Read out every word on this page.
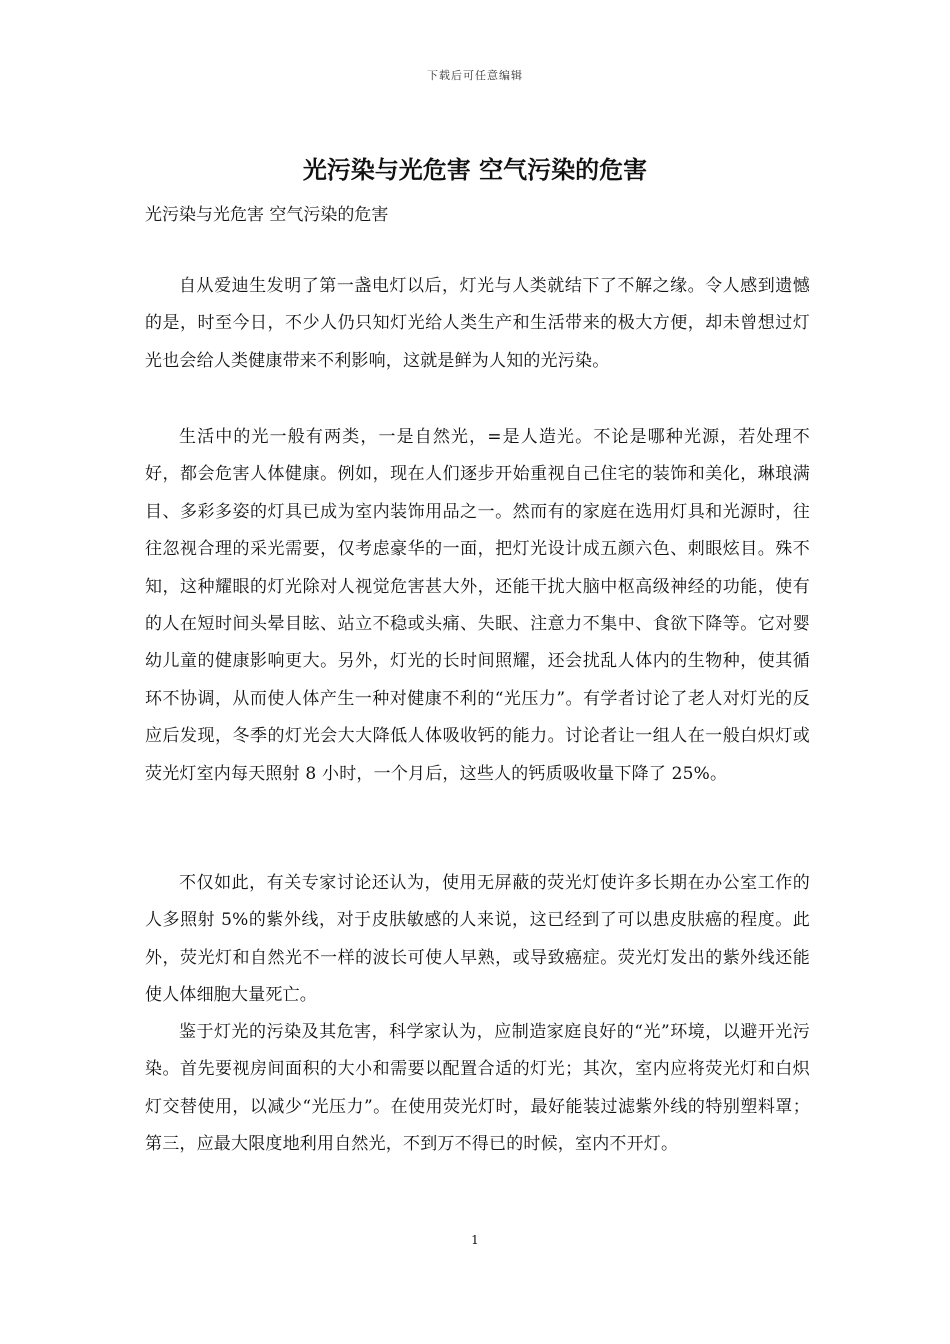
下载后可任意编辑
光污染与光危害 空气污染的危害

光污染与光危害 空气污染的危害

自从爱迪生发明了第一盏电灯以后，灯光与人类就结下了不解之缘。令人感到遗憾的是，时至今日，不少人仍只知灯光给人类生产和生活带来的极大方便，却未曾想过灯光也会给人类健康带来不利影响，这就是鲜为人知的光污染。

生活中的光一般有两类，一是自然光，=是人造光。不论是哪种光源，若处理不好，都会危害人体健康。例如，现在人们逐步开始重视自己住宅的装饰和美化，琳琅满目、多彩多姿的灯具已成为室内装饰用品之一。然而有的家庭在选用灯具和光源时，往往忽视合理的采光需要，仅考虑豪华的一面，把灯光设计成五颜六色、刺眼炫目。殊不知，这种耀眼的灯光除对人视觉危害甚大外，还能干扰大脑中枢高级神经的功能，使有的人在短时间头晕目眩、站立不稳或头痛、失眠、注意力不集中、食欲下降等。它对婴幼儿童的健康影响更大。另外，灯光的长时间照耀，还会扰乱人体内的生物种，使其循环不协调，从而使人体产生一种对健康不利的“光压力”。有学者讨论了老人对灯光的反应后发现，冬季的灯光会大大降低人体吸收钙的能力。讨论者让一组人在一般白炽灯或荧光灯室内每天照射 8 小时，一个月后，这些人的钙质吸收量下降了 25%。

不仅如此，有关专家讨论还认为，使用无屏蔽的荧光灯使许多长期在办公室工作的人多照射 5%的紫外线，对于皮肤敏感的人来说，这已经到了可以患皮肤癌的程度。此外，荧光灯和自然光不一样的波长可使人早熟，或导致癌症。荧光灯发出的紫外线还能使人体细胞大量死亡。

鉴于灯光的污染及其危害，科学家认为，应制造家庭良好的“光”环境，以避开光污染。首先要视房间面积的大小和需要以配置合适的灯光；其次，室内应将荧光灯和白炽灯交替使用，以减少“光压力”。在使用荧光灯时，最好能装过滤紫外线的特别塑料罩；第三，应最大限度地利用自然光，不到万不得已的时候，室内不开灯。

1
